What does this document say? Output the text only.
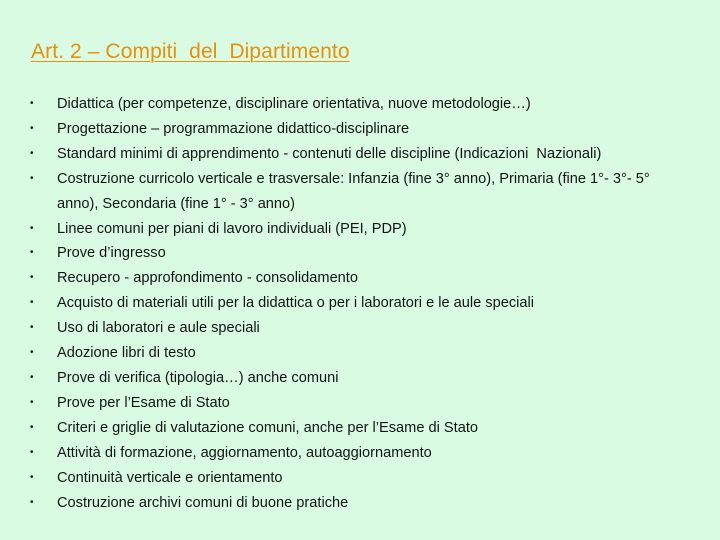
Art. 2 – Compiti  del  Dipartimento
• Didattica (per competenze, disciplinare orientativa, nuove metodologie…)
• Progettazione – programmazione didattico-disciplinare
• Standard minimi di apprendimento - contenuti delle discipline (Indicazioni  Nazionali)
• Costruzione curricolo verticale e trasversale: Infanzia (fine 3° anno), Primaria (fine 1°- 3°- 5° anno), Secondaria (fine 1° - 3° anno)
• Linee comuni per piani di lavoro individuali (PEI, PDP)
• Prove d’ingresso
• Recupero - approfondimento - consolidamento
• Acquisto di materiali utili per la didattica o per i laboratori e le aule speciali
• Uso di laboratori e aule speciali
• Adozione libri di testo
• Prove di verifica (tipologia…) anche comuni
• Prove per l’Esame di Stato
• Criteri e griglie di valutazione comuni, anche per l’Esame di Stato
• Attività di formazione, aggiornamento, autoaggiornamento
• Continuità verticale e orientamento
• Costruzione archivi comuni di buone pratiche
